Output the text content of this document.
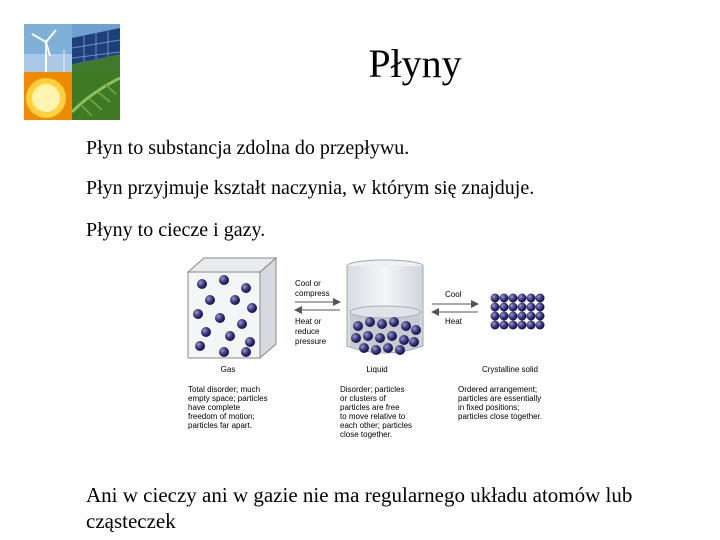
Płyny
Płyn to substancja zdolna do przepływu.
Płyn przyjmuje kształt naczynia, w którym się znajduje.
Płyny to ciecze i gazy.
Cool or
compress
Heat or
reduce
pressure
Cool
Heat
Gas	Liquid	Crystalline solid
Total disorder; much
empty space; particles
have complete
freedom of motion;
particles far apart.
Disorder; particles
or clusters of
particles are free
to move relative to
each other; particles
close together.
Ordered arrangement;
particles are essentially
in fixed positions;
particles close together.
Ani w cieczy ani w gazie nie ma regularnego układu atomów lub cząsteczek
